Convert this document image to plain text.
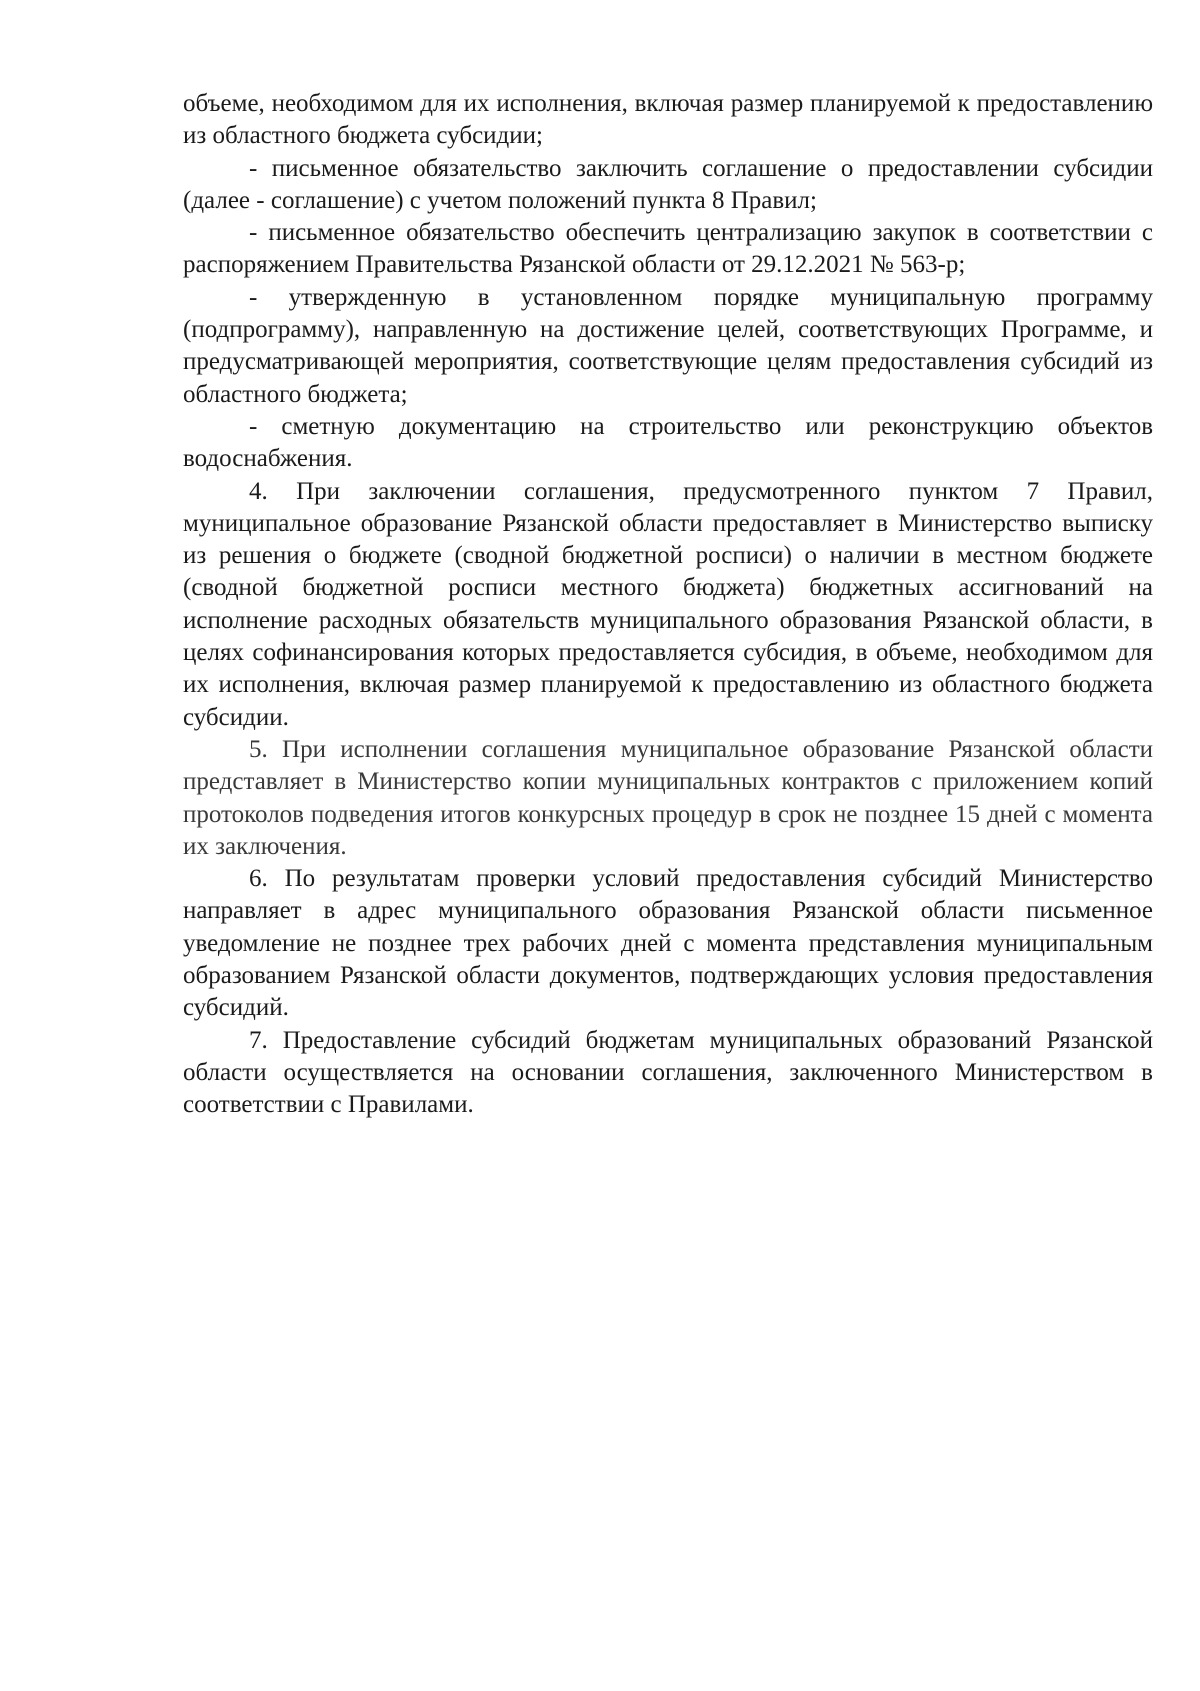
объеме, необходимом для их исполнения, включая размер планируемой к предоставлению из областного бюджета субсидии;

- письменное обязательство заключить соглашение о предоставлении субсидии (далее - соглашение) с учетом положений пункта 8 Правил;

- письменное обязательство обеспечить централизацию закупок в соответствии с распоряжением Правительства Рязанской области от 29.12.2021 № 563-р;

- утвержденную в установленном порядке муниципальную программу (подпрограмму), направленную на достижение целей, соответствующих Программе, и предусматривающей мероприятия, соответствующие целям предоставления субсидий из областного бюджета;

- сметную документацию на строительство или реконструкцию объектов водоснабжения.

4. При заключении соглашения, предусмотренного пунктом 7 Правил, муниципальное образование Рязанской области предоставляет в Министерство выписку из решения о бюджете (сводной бюджетной росписи) о наличии в местном бюджете (сводной бюджетной росписи местного бюджета) бюджетных ассигнований на исполнение расходных обязательств муниципального образования Рязанской области, в целях софинансирования которых предоставляется субсидия, в объеме, необходимом для их исполнения, включая размер планируемой к предоставлению из областного бюджета субсидии.

5. При исполнении соглашения муниципальное образование Рязанской области представляет в Министерство копии муниципальных контрактов с приложением копий протоколов подведения итогов конкурсных процедур в срок не позднее 15 дней с момента их заключения.

6. По результатам проверки условий предоставления субсидий Министерство направляет в адрес муниципального образования Рязанской области письменное уведомление не позднее трех рабочих дней с момента представления муниципальным образованием Рязанской области документов, подтверждающих условия предоставления субсидий.

7. Предоставление субсидий бюджетам муниципальных образований Рязанской области осуществляется на основании соглашения, заключенного Министерством в соответствии с Правилами.
